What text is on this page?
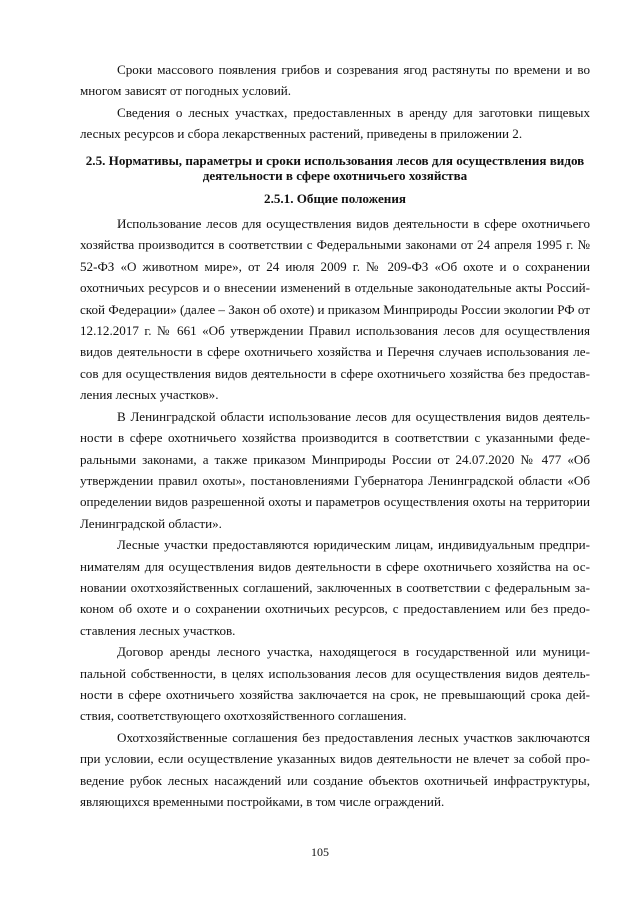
Сроки массового появления грибов и созревания ягод растянуты по времени и во многом зависят от погодных условий.

Сведения о лесных участках, предоставленных в аренду для заготовки пищевых лесных ресурсов и сбора лекарственных растений, приведены в приложении 2.

2.5. Нормативы, параметры и сроки использования лесов для осуществления видов деятельности в сфере охотничьего хозяйства
2.5.1. Общие положения

Использование лесов для осуществления видов деятельности в сфере охотничьего хозяйства производится в соответствии с Федеральными законами от 24 апреля 1995 г. № 52-ФЗ «О животном мире», от 24 июля 2009 г. № 209-ФЗ «Об охоте и о сохранении охотничьих ресурсов и о внесении изменений в отдельные законодательные акты Российской Федерации» (далее – Закон об охоте) и приказом Минприроды России экологии РФ от 12.12.2017 г. № 661 «Об утверждении Правил использования лесов для осуществления видов деятельности в сфере охотничьего хозяйства и Перечня случаев использования лесов для осуществления видов деятельности в сфере охотничьего хозяйства без предоставления лесных участков».

В Ленинградской области использование лесов для осуществления видов деятельности в сфере охотничьего хозяйства производится в соответствии с указанными федеральными законами, а также приказом Минприроды России от 24.07.2020 № 477 «Об утверждении правил охоты», постановлениями Губернатора Ленинградской области «Об определении видов разрешенной охоты и параметров осуществления охоты на территории Ленинградской области».

Лесные участки предоставляются юридическим лицам, индивидуальным предпринимателям для осуществления видов деятельности в сфере охотничьего хозяйства на основании охотхозяйственных соглашений, заключенных в соответствии с федеральным законом об охоте и о сохранении охотничьих ресурсов, с предоставлением или без предоставления лесных участков.

Договор аренды лесного участка, находящегося в государственной или муниципальной собственности, в целях использования лесов для осуществления видов деятельности в сфере охотничьего хозяйства заключается на срок, не превышающий срока действия, соответствующего охотхозяйственного соглашения.

Охотхозяйственные соглашения без предоставления лесных участков заключаются при условии, если осуществление указанных видов деятельности не влечет за собой проведение рубок лесных насаждений или создание объектов охотничьей инфраструктуры, являющихся временными постройками, в том числе ограждений.

105
